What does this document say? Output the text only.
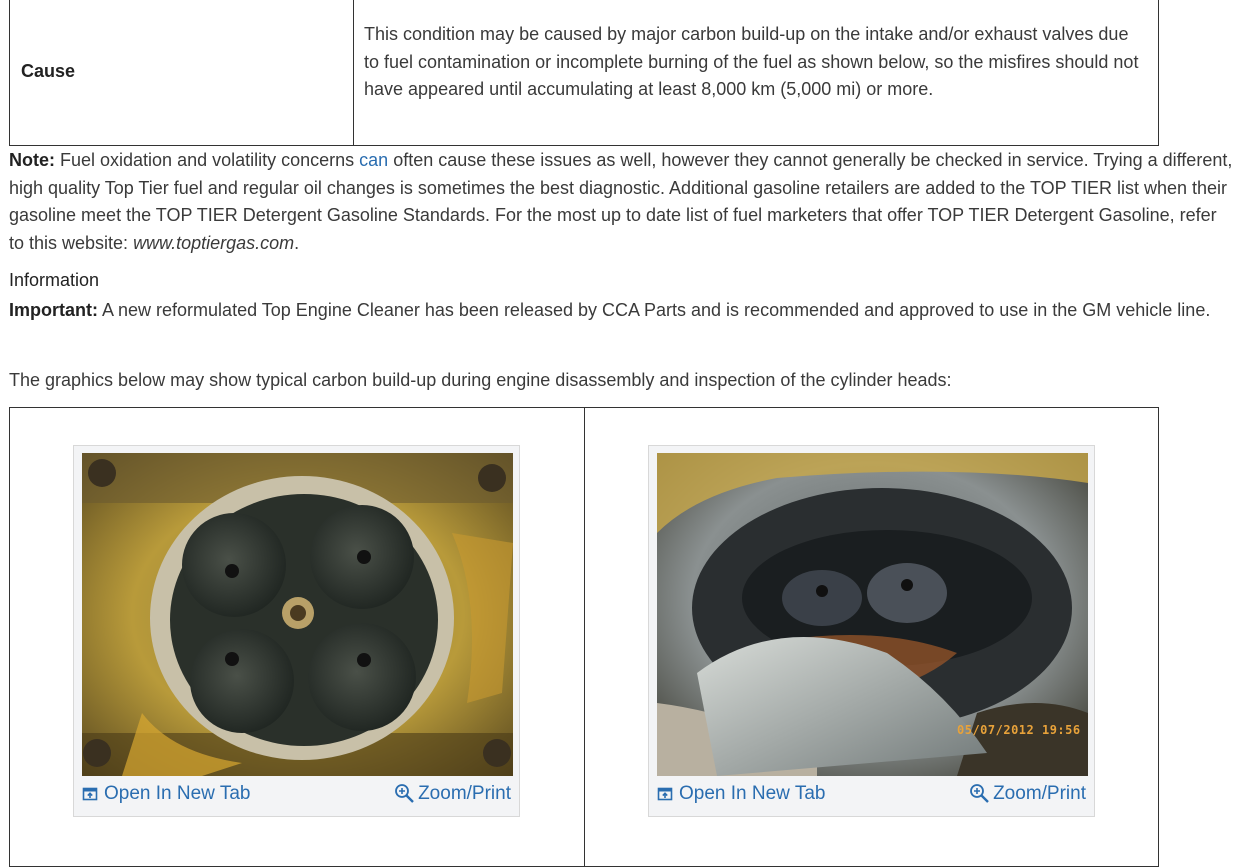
Cause
This condition may be caused by major carbon build-up on the intake and/or exhaust valves due to fuel contamination or incomplete burning of the fuel as shown below, so the misfires should not have appeared until accumulating at least 8,000 km (5,000 mi) or more.

Note: Fuel oxidation and volatility concerns can often cause these issues as well, however they cannot generally be checked in service. Trying a different, high quality Top Tier fuel and regular oil changes is sometimes the best diagnostic. Additional gasoline retailers are added to the TOP TIER list when their gasoline meet the TOP TIER Detergent Gasoline Standards. For the most up to date list of fuel marketers that offer TOP TIER Detergent Gasoline, refer to this website: www.toptiergas.com.

Information

Important: A new reformulated Top Engine Cleaner has been released by CCA Parts and is recommended and approved to use in the GM vehicle line.

The graphics below may show typical carbon build-up during engine disassembly and inspection of the cylinder heads:

Open In New Tab	Zoom/Print
05/07/2012 19:56
Open In New Tab	Zoom/Print
